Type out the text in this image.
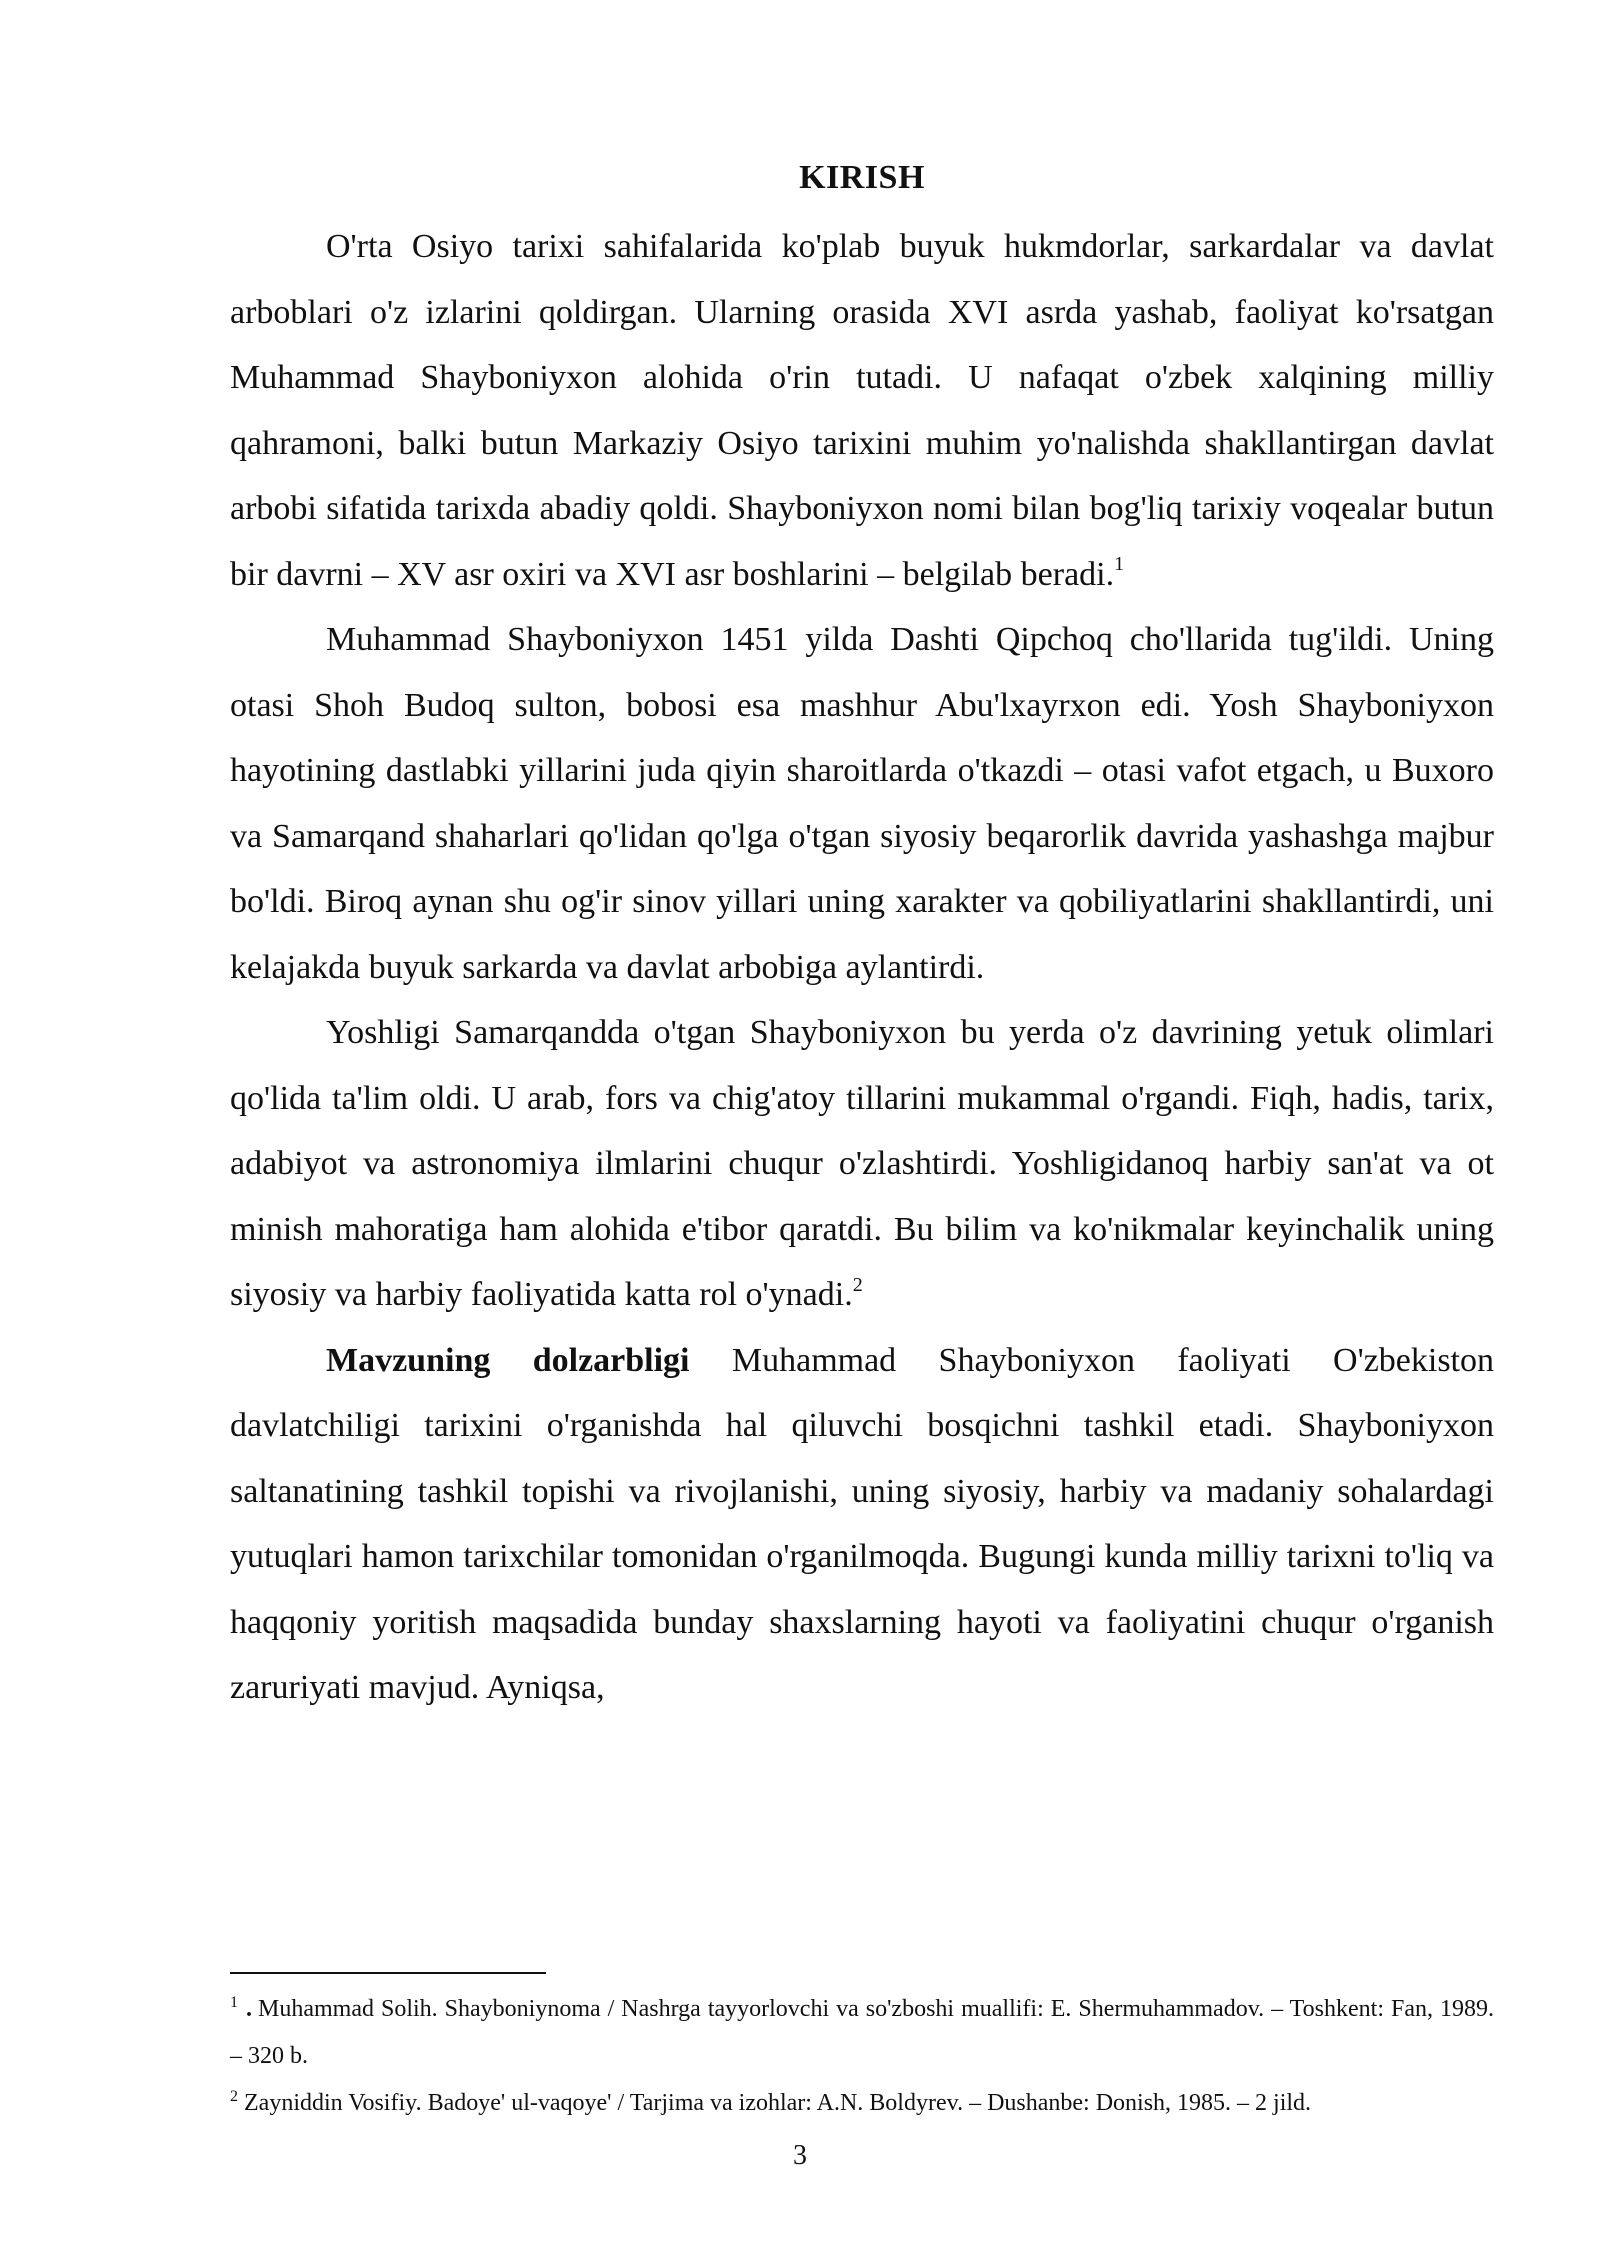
KIRISH

O'rta Osiyo tarixi sahifalarida ko'plab buyuk hukmdorlar, sarkardalar va davlat arboblari o'z izlarini qoldirgan. Ularning orasida XVI asrda yashab, faoliyat ko'rsatgan Muhammad Shayboniyxon alohida o'rin tutadi. U nafaqat o'zbek xalqining milliy qahramoni, balki butun Markaziy Osiyo tarixini muhim yo'nalishda shakllantirgan davlat arbobi sifatida tarixda abadiy qoldi. Shayboniyxon nomi bilan bog'liq tarixiy voqealar butun bir davrni – XV asr oxiri va XVI asr boshlarini – belgilab beradi.$^1$

Muhammad Shayboniyxon 1451 yilda Dashti Qipchoq cho'llarida tug'ildi. Uning otasi Shoh Budoq sulton, bobosi esa mashhur Abu'lxayrxon edi. Yosh Shayboniyxon hayotining dastlabki yillarini juda qiyin sharoitlarda o'tkazdi – otasi vafot etgach, u Buxoro va Samarqand shaharlari qo'lidan qo'lga o'tgan siyosiy beqarorlik davrida yashashga majbur bo'ldi. Biroq aynan shu og'ir sinov yillari uning xarakter va qobiliyatlarini shakllantirdi, uni kelajakda buyuk sarkarda va davlat arbobiga aylantirdi.

Yoshligi Samarqandda o'tgan Shayboniyxon bu yerda o'z davrining yetuk olimlari qo'lida ta'lim oldi. U arab, fors va chig'atoy tillarini mukammal o'rgandi. Fiqh, hadis, tarix, adabiyot va astronomiya ilmlarini chuqur o'zlashtirdi. Yoshligidanoq harbiy san'at va ot minish mahoratiga ham alohida e'tibor qaratdi. Bu bilim va ko'nikmalar keyinchalik uning siyosiy va harbiy faoliyatida katta rol o'ynadi.$^2$

Mavzuning dolzarbligi Muhammad Shayboniyxon faoliyati O'zbekiston davlatchiligi tarixini o'rganishda hal qiluvchi bosqichni tashkil etadi. Shayboniyxon saltanatining tashkil topishi va rivojlanishi, uning siyosiy, harbiy va madaniy sohalardagi yutuqlari hamon tarixchilar tomonidan o'rganilmoqda. Bugungi kunda milliy tarixni to'liq va haqqoniy yoritish maqsadida bunday shaxslarning hayoti va faoliyatini chuqur o'rganish zaruriyati mavjud. Ayniqsa,

$^1$ . Muhammad Solih. Shayboniynoma / Nashrga tayyorlovchi va so'zboshi muallifi: E. Shermuhammadov. – Toshkent: Fan, 1989. – 320 b.

$^2$ Zayniddin Vosifiy. Badoye' ul-vaqoye' / Tarjima va izohlar: A.N. Boldyrev. – Dushanbe: Donish, 1985. – 2 jild.

3
